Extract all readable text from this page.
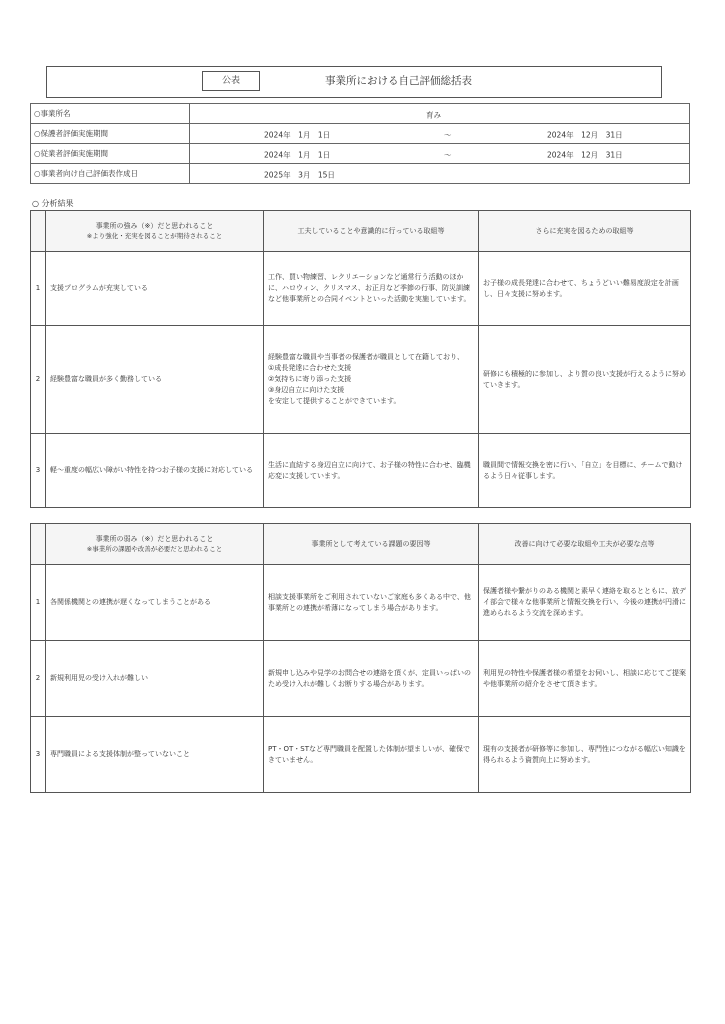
公表	事業所における自己評価総括表
○事業所名	育み

○保護者評価実施期間	2024年　1月　1日 ～ 2024年　12月　31日

○従業者評価実施期間	2024年　1月　1日 ～ 2024年　12月　31日

○事業者向け自己評価表作成日	2025年　3月　15日
○ 分析結果

	事業所の強み（※）だと思われること
※より強化・充実を図ることが期待されること	工夫していることや意識的に行っている取組等	さらに充実を図るための取組等
1	支援プログラムが充実している	工作、買い物練習、レクリエーションなど通常行う活動のほかに、ハロウィン、クリスマス、お正月など季節の行事、防災訓練など他事業所との合同イベントといった活動を実施しています。	お子様の成長発達に合わせて、ちょうどいい難易度設定を計画し、日々支援に努めます。
2	経験豊富な職員が多く勤務している	経験豊富な職員や当事者の保護者が職員として在籍しており、
①成長発達に合わせた支援
②気持ちに寄り添った支援
③身辺自立に向けた支援
を安定して提供することができています。	研修にも積極的に参加し、より質の良い支援が行えるように努めていきます。
3	軽～重度の幅広い障がい特性を持つお子様の支援に対応している	生活に直結する身辺自立に向けて、お子様の特性に合わせ、臨機応変に支援しています。	職員間で情報交換を密に行い、「自立」を目標に、チームで動けるよう日々従事します。

	事業所の弱み（※）だと思われること
※事業所の課題や改善が必要だと思われること	事業所として考えている課題の要因等	改善に向けて必要な取組や工夫が必要な点等
1	各関係機関との連携が遅くなってしまうことがある	相談支援事業所をご利用されていないご家庭も多くある中で、他事業所との連携が希薄になってしまう場合があります。	保護者様や繋がりのある機関と素早く連絡を取るとともに、放デイ部会で様々な他事業所と情報交換を行い、今後の連携が円滑に進められるよう交流を深めます。
2	新規利用児の受け入れが難しい	新規申し込みや見学のお問合せの連絡を頂くが、定員いっぱいのため受け入れが難しくお断りする場合があります。	利用児の特性や保護者様の希望をお伺いし、相談に応じてご提案や他事業所の紹介をさせて頂きます。
3	専門職員による支援体制が整っていないこと	PT・OT・STなど専門職員を配置した体制が望ましいが、確保できていません。	現有の支援者が研修等に参加し、専門性につながる幅広い知識を得られるよう資質向上に努めます。
